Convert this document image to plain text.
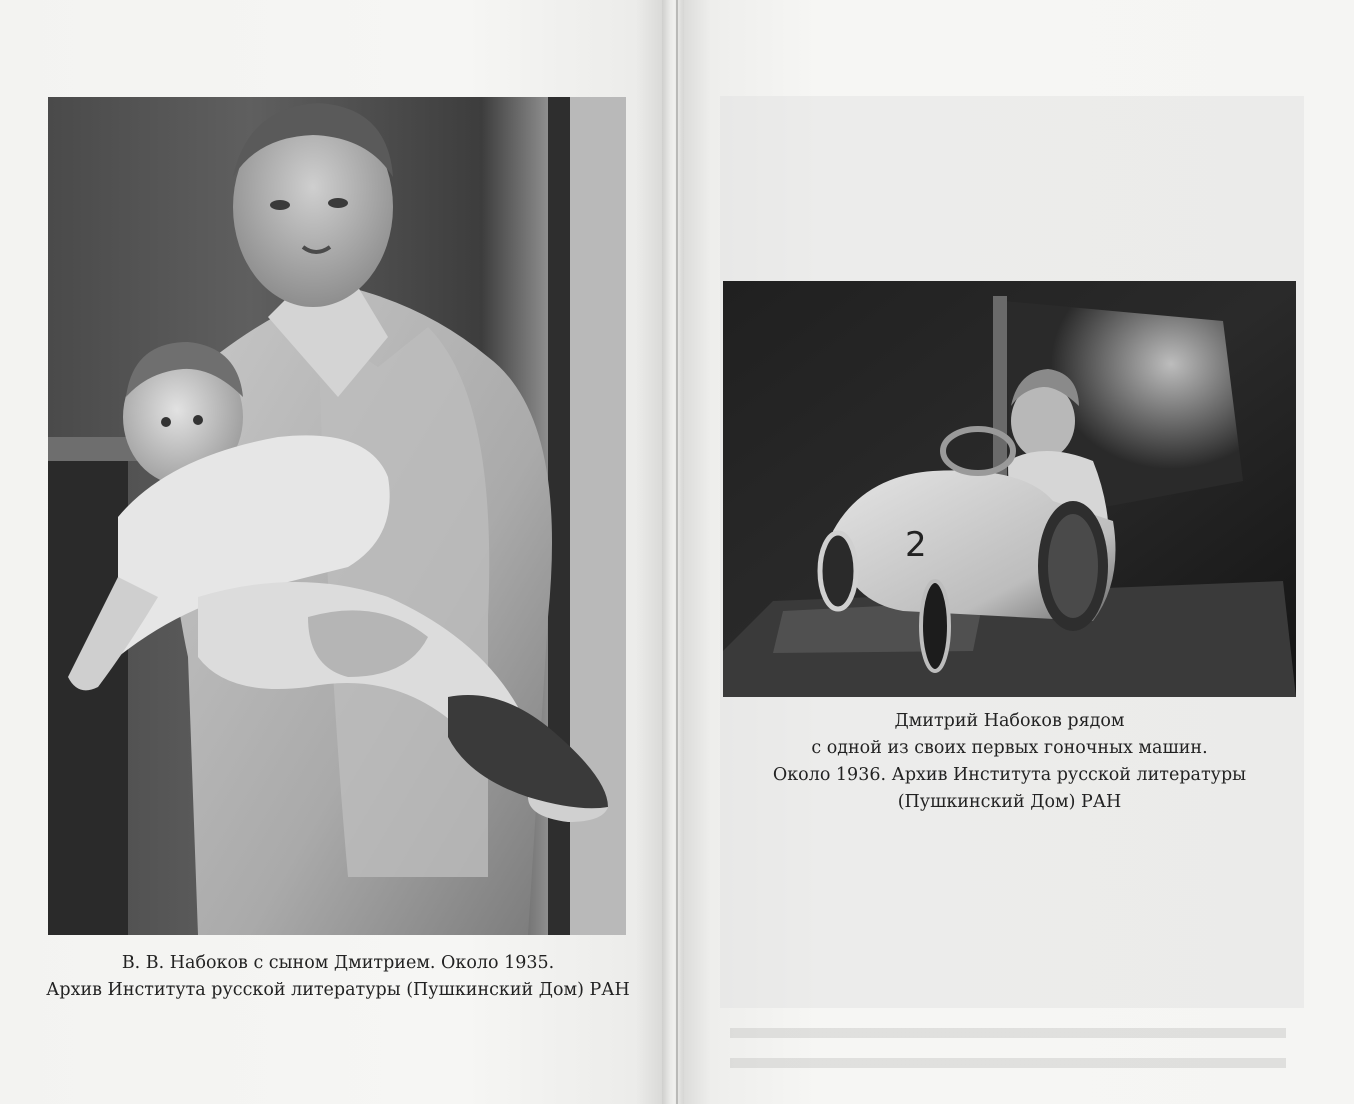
В. В. Набоков с сыном Дмитрием. Около 1935.
Архив Института русской литературы (Пушкинский Дом) РАН
2
Дмитрий Набоков рядом
с одной из своих первых гоночных машин.
Около 1936. Архив Института русской литературы
(Пушкинский Дом) РАН
